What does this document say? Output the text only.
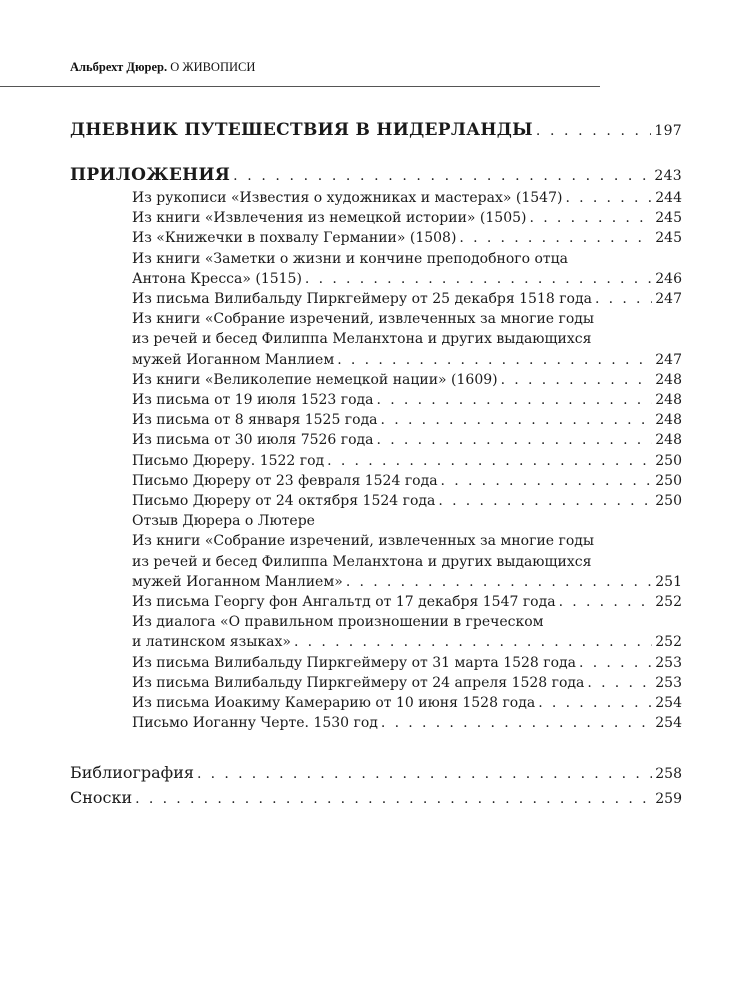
Альбрехт Дюрер. О ЖИВОПИСИ
ДНЕВНИК ПУТЕШЕСТВИЯ В НИДЕРЛАНДЫ . . .	197
ПРИЛОЖЕНИЯ . . .	243
Из рукописи «Известия о художниках и мастерах» (1547) . . .	244
Из книги «Извлечения из немецкой истории» (1505) . . .	245
Из «Книжечки в похвалу Германии» (1508) . . .	245
Из книги «Заметки о жизни и кончине преподобного отца
Антона Кресса» (1515) . . .	246
Из письма Вилибальду Пиркгеймеру от 25 декабря 1518 года . . .	247
Из книги «Собрание изречений, извлеченных за многие годы
из речей и бесед Филиппа Меланхтона и других выдающихся
мужей Иоганном Манлием . . .	247
Из книги «Великолепие немецкой нации» (1609) . . .	248
Из письма от 19 июля 1523 года . . .	248
Из письма от 8 января 1525 года . . .	248
Из письма от 30 июля 7526 года . . .	248
Письмо Дюреру. 1522 год . . .	250
Письмо Дюреру от 23 февраля 1524 года . . .	250
Письмо Дюреру от 24 октября 1524 года . . .	250
Отзыв Дюрера о Лютере
Из книги «Собрание изречений, извлеченных за многие годы
из речей и бесед Филиппа Меланхтона и других выдающихся
мужей Иоганном Манлием» . . .	251
Из письма Георгу фон Ангальтд от 17 декабря 1547 года . . .	252
Из диалога «О правильном произношении в греческом
и латинском языках» . . .	252
Из письма Вилибальду Пиркгеймеру от 31 марта 1528 года . . .	253
Из письма Вилибальду Пиркгеймеру от 24 апреля 1528 года . . .	253
Из письма Иоакиму Камерарию от 10 июня 1528 года . . .	254
Письмо Иоганну Черте. 1530 год . . .	254
Библиография . . .	258
Сноски . . .	259
